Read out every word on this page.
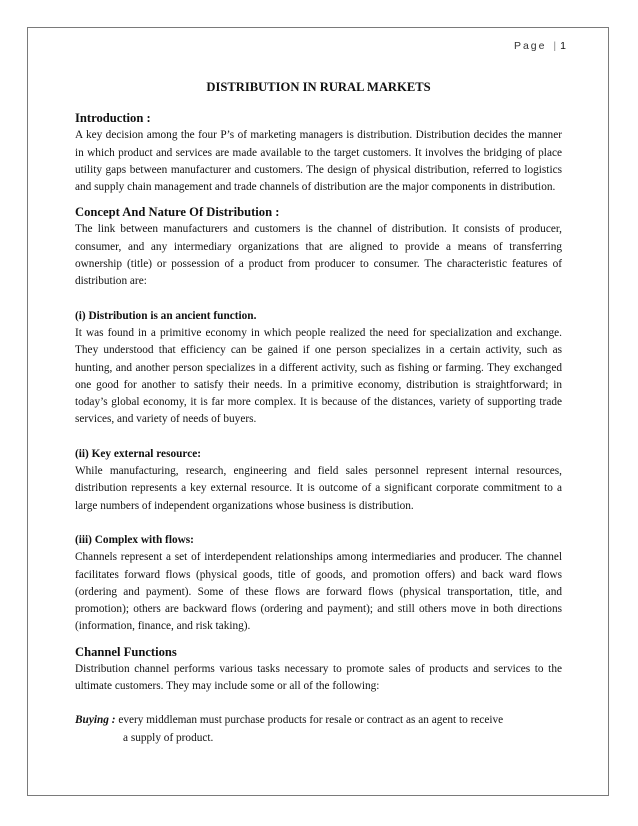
Page | 1
DISTRIBUTION IN RURAL MARKETS
Introduction :

A key decision among the four P’s of marketing managers is distribution. Distribution decides the manner in which product and services are made available to the target customers. It involves the bridging of place utility gaps between manufacturer and customers. The design of physical distribution, referred to logistics and supply chain management and trade channels of distribution are the major components in distribution.

Concept And Nature Of Distribution :

The link between manufacturers and customers is the channel of distribution. It consists of producer, consumer, and any intermediary organizations that are aligned to provide a means of transferring ownership (title) or possession of a product from producer to consumer. The characteristic features of distribution are:

(i) Distribution is an ancient function.

It was found in a primitive economy in which people realized the need for specialization and exchange. They understood that efficiency can be gained if one person specializes in a certain activity, such as hunting, and another person specializes in a different activity, such as fishing or farming. They exchanged one good for another to satisfy their needs. In a primitive economy, distribution is straightforward; in today’s global economy, it is far more complex. It is because of the distances, variety of supporting trade services, and variety of needs of buyers.

(ii) Key external resource:

While manufacturing, research, engineering and field sales personnel represent internal resources, distribution represents a key external resource. It is outcome of a significant corporate commitment to a large numbers of independent organizations whose business is distribution.

(iii) Complex with flows:

Channels represent a set of interdependent relationships among intermediaries and producer. The channel facilitates forward flows (physical goods, title of goods, and promotion offers) and back ward flows (ordering and payment). Some of these flows are forward flows (physical transportation, title, and promotion); others are backward flows (ordering and payment); and still others move in both directions (information, finance, and risk taking).

Channel Functions

Distribution channel performs various tasks necessary to promote sales of products and services to the ultimate customers. They may include some or all of the following:

Buying : every middleman must purchase products for resale or contract as an agent to receive

a supply of product.
